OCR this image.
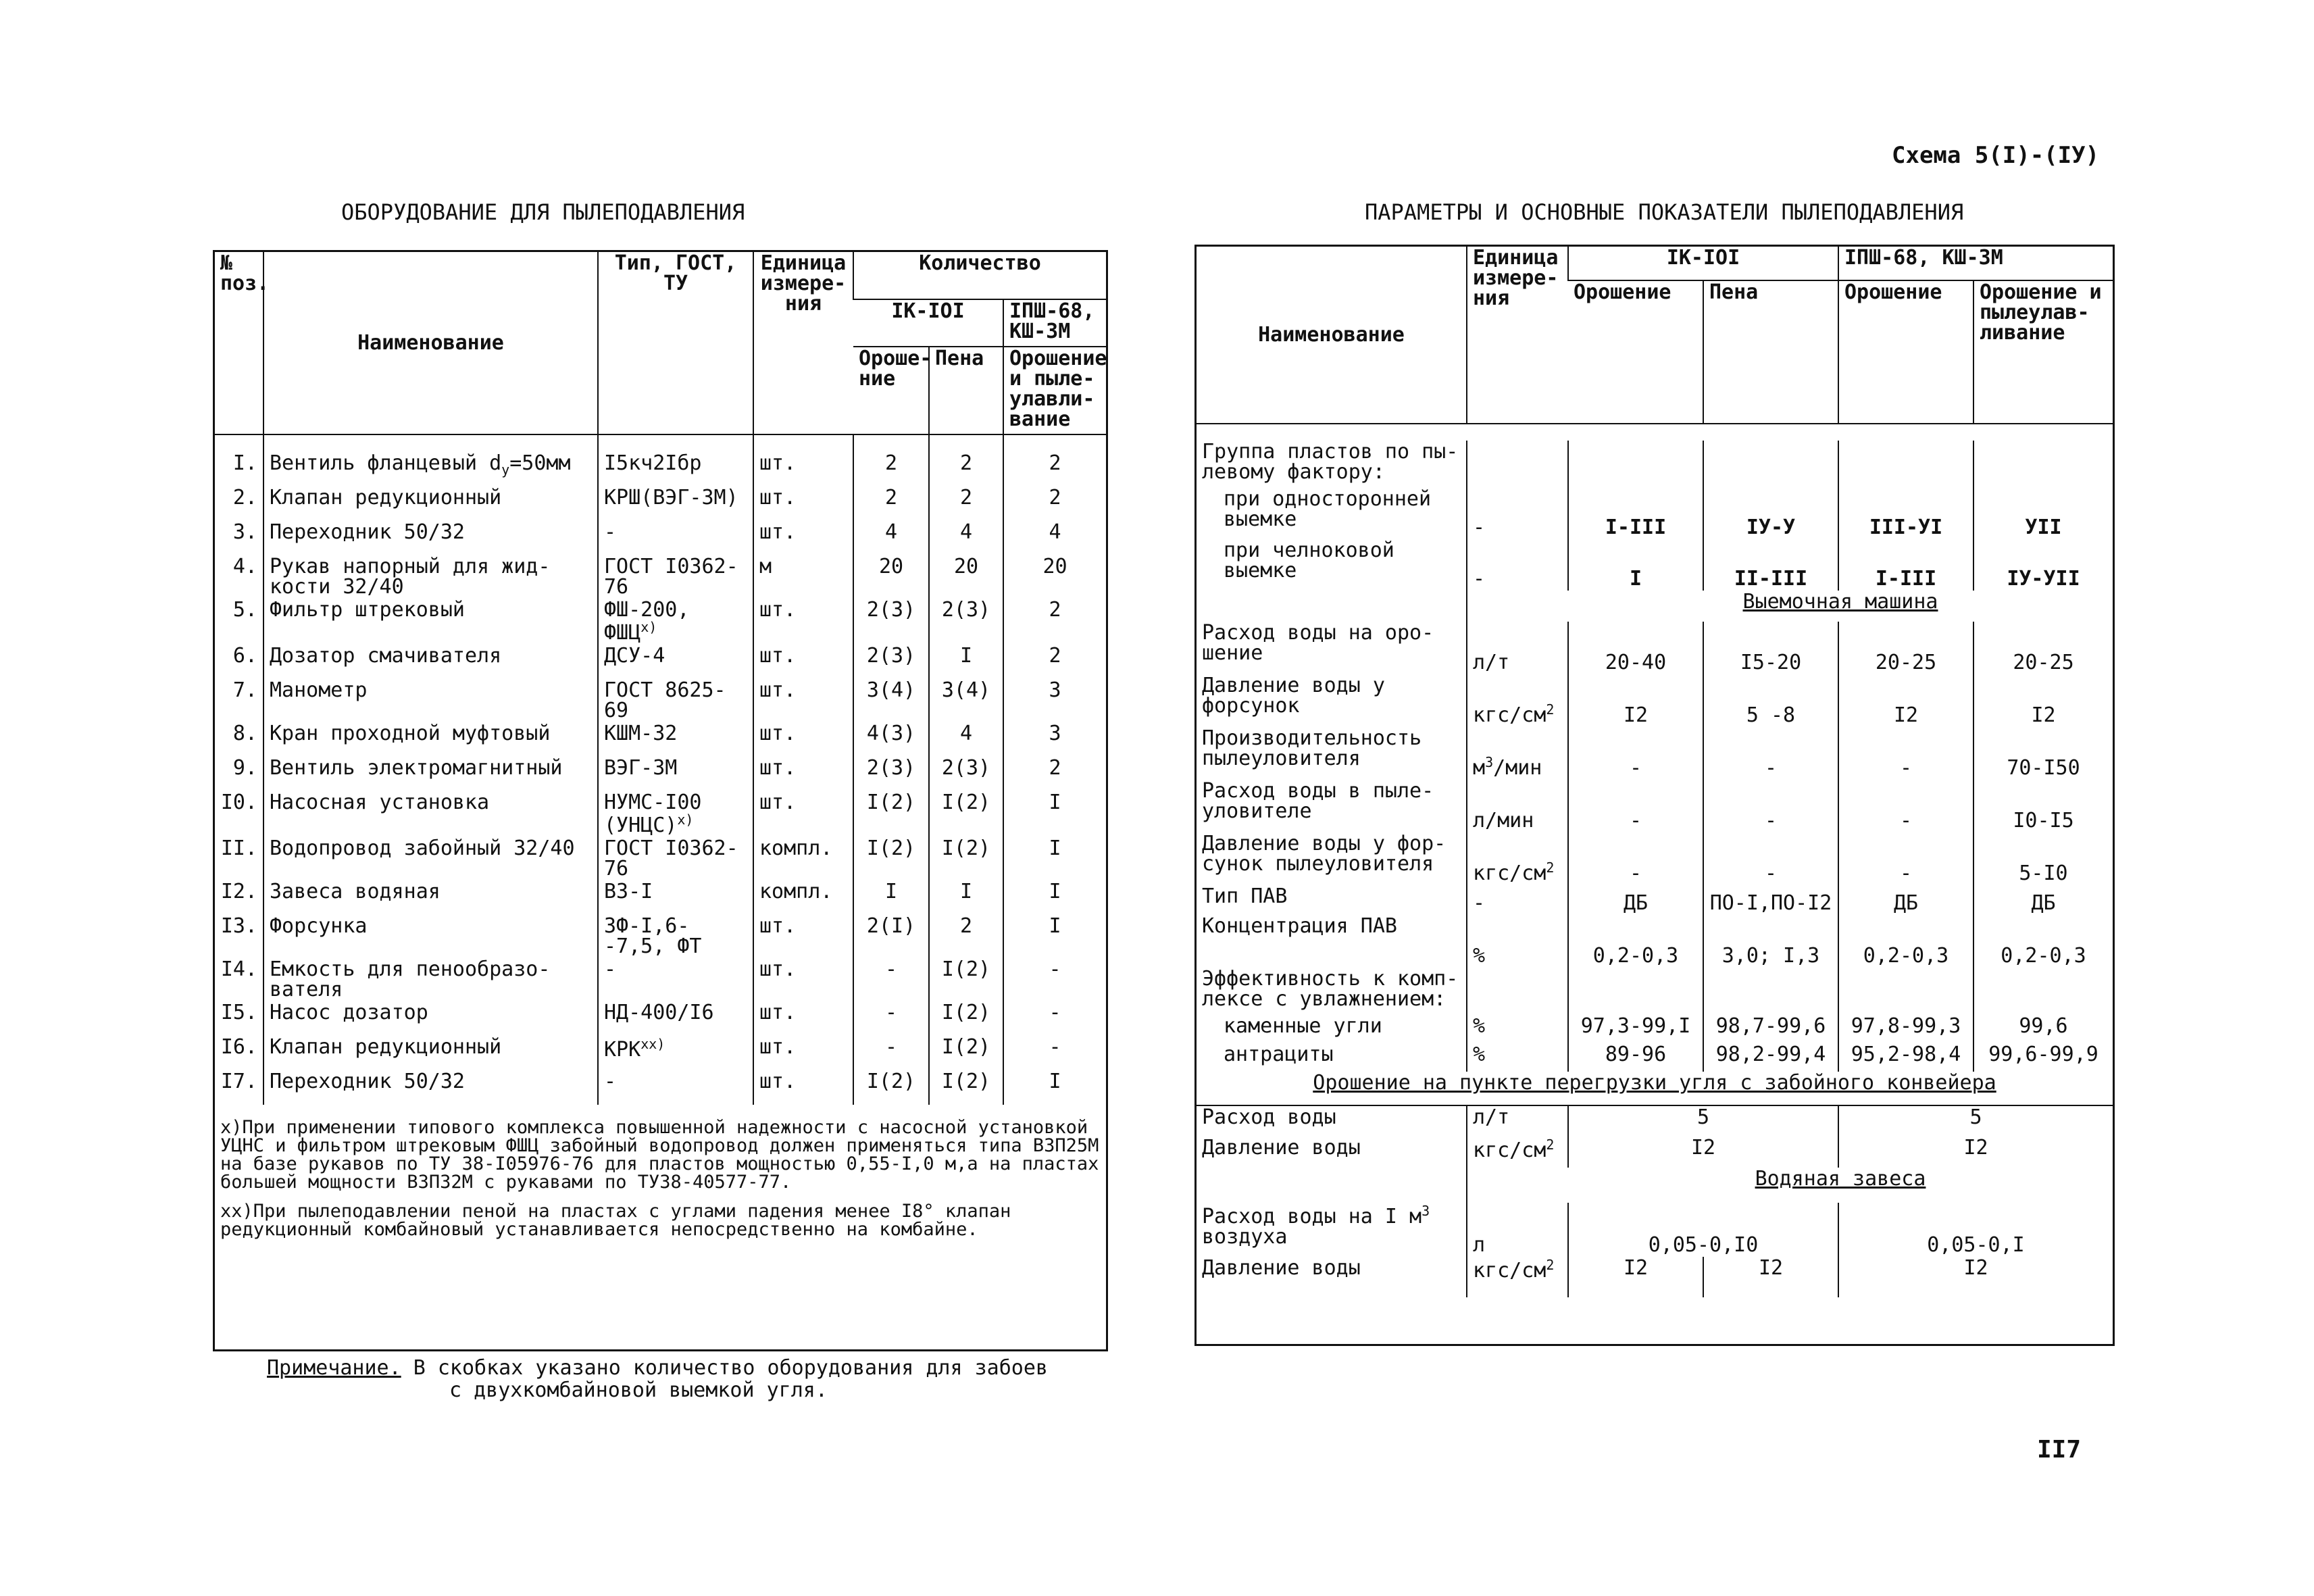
Схема 5(I)-(IУ)
ОБОРУДОВАНИЕ ДЛЯ ПЫЛЕПОДАВЛЕНИЯ	ПАРАМЕТРЫ И ОСНОВНЫЕ ПОКАЗАТЕЛИ ПЫЛЕПОДАВЛЕНИЯ
№ поз.	Наименование	Тип, ГОСТ, ТУ	Единица измере-ния	Количество		
				IK-IOI		IПШ-68, КШ-3М
				Ороше-ние	Пена	Орошение и пыле-улавли-вание

I.	Вентиль фланцевый $d_у=50мм$	I5кч2Iбр	шт.	2	2	2
2.	Клапан редукционный	КРШ(ВЭГ-3М)	шт.	2	2	2
3.	Переходник 50/32	-	шт.	4	4	4
4.	Рукав напорный для жид-кости 32/40	ГОСТ I0362-76	м	20	20	20
5.	Фильтр штрековый	ФШ-200, ФШЦ$^{x)}$	шт.	2(3)	2(3)	2
6.	Дозатор смачивателя	ДСУ-4	шт.	2(3)	I	2
7.	Манометр	ГОСТ 8625-69	шт.	3(4)	3(4)	3
8.	Кран проходной муфтовый	КШМ-32	шт.	4(3)	4	3
9.	Вентиль электромагнитный	ВЭГ-3М	шт.	2(3)	2(3)	2
I0.	Насосная установка	НУМС-I00 (УНЦС)$^{x)}$	шт.	I(2)	I(2)	I
II.	Водопровод забойный 32/40	ГОСТ I0362-76	компл.	I(2)	I(2)	I
I2.	Завеса водяная	ВЗ-I	компл.	I	I	I
I3.	Форсунка	ЗФ-I,6--7,5, ФТ	шт.	2(I)	2	I
I4.	Емкость для пенообразо-вателя	-	шт.	-	I(2)	-
I5.	Насос дозатор	НД-400/I6	шт.	-	I(2)	-
I6.	Клапан редукционный	КРК$^{xx)}$	шт.	-	I(2)	-
I7.	Переходник 50/32	-	шт.	I(2)	I(2)	I

x)При применении типового комплекса повышенной надежности с насосной установкой УЦНС и фильтром штрековым ФШЦ забойный водопровод должен применяться типа ВЗП25М на базе рукавов по ТУ 38-I05976-76 для пластов мощностью 0,55-I,0 м,а на пластах большей мощности ВЗП32М с рукавами по ТУ38-40577-77.
xx)При пылеподавлении пеной на пластах с углами падения менее I8° клапан редукционный комбайновый устанавливается непосредственно на комбайне.						
Примечание. В скобках указано количество оборудования для забоев
с двухкомбайновой выемкой угля.
Наименование	Единица измере-ния	IK-IOI		IПШ-68, КШ-3М	
		Орошение	Пена	Орошение	Орошение и пылеулав-ливание

Группа пластов по пы-левому фактору:					
при односторонней выемке	-	I-III	IУ-У	III-УI	УII
при челноковой выемке	-	I	II-III	I-III	IУ-УII
		Выемочная машина			
Расход воды на оро-шение	л/т	20-40	I5-20	20-25	20-25
Давление воды у форсунок	кгс/$см^2$	I2	5 -8	I2	I2
Производительность пылеуловителя	$м^3$/мин	-	-	-	70-I50
Расход воды в пыле-уловителе	л/мин	-	-	-	I0-I5
Давление воды у фор-сунок пылеуловителя	кгс/$см^2$	-	-	-	5-I0
Тип ПАВ	-	ДБ	ПО-I,ПО-I2	ДБ	ДБ
Концентрация ПАВ	%	0,2-0,3	3,0; I,3	0,2-0,3	0,2-0,3
Эффективность к комп-лексе с увлажнением:					
каменные угли	%	97,3-99,I	98,7-99,6	97,8-99,3	99,6
антрациты	%	89-96	98,2-99,4	95,2-98,4	99,6-99,9
Орошение на пункте перегрузки угля с забойного конвейера					
Расход воды	л/т	5		5	
Давление воды	кгс/$см^2$	I2		I2	
		Водяная завеса			
Расход воды на I $м^3$ воздуха	л	0,05-0,I0		0,05-0,I	
Давление воды	кгс/$см^2$	I2	I2	I2	
II7
